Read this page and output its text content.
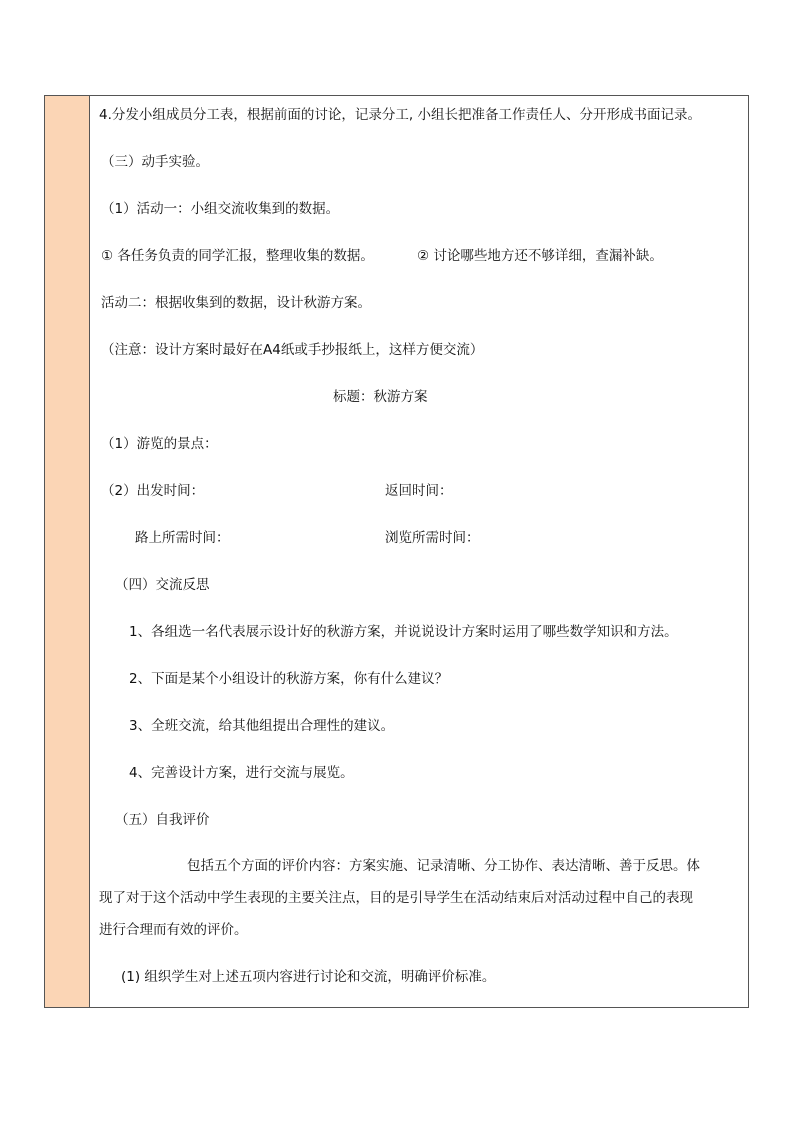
4.分发小组成员分工表，根据前面的讨论，记录分工, 小组长把准备工作责任人、分开形成书面记录。
（三）动手实验。
（1）活动一：小组交流收集到的数据。
① 各任务负责的同学汇报，整理收集的数据。	② 讨论哪些地方还不够详细，查漏补缺。
活动二：根据收集到的数据，设计秋游方案。
（注意：设计方案时最好在A4纸或手抄报纸上，这样方便交流）
标题：秋游方案
（1）游览的景点：
（2）出发时间：	返回时间：
路上所需时间：	浏览所需时间：
（四）交流反思
1、各组选一名代表展示设计好的秋游方案，并说说设计方案时运用了哪些数学知识和方法。
2、下面是某个小组设计的秋游方案，你有什么建议？
3、全班交流，给其他组提出合理性的建议。
4、完善设计方案，进行交流与展览。
（五）自我评价
包括五个方面的评价内容：方案实施、记录清晰、分工协作、表达清晰、善于反思。体
现了对于这个活动中学生表现的主要关注点，目的是引导学生在活动结束后对活动过程中自己的表现
进行合理而有效的评价。
(1) 组织学生对上述五项内容进行讨论和交流，明确评价标准。
